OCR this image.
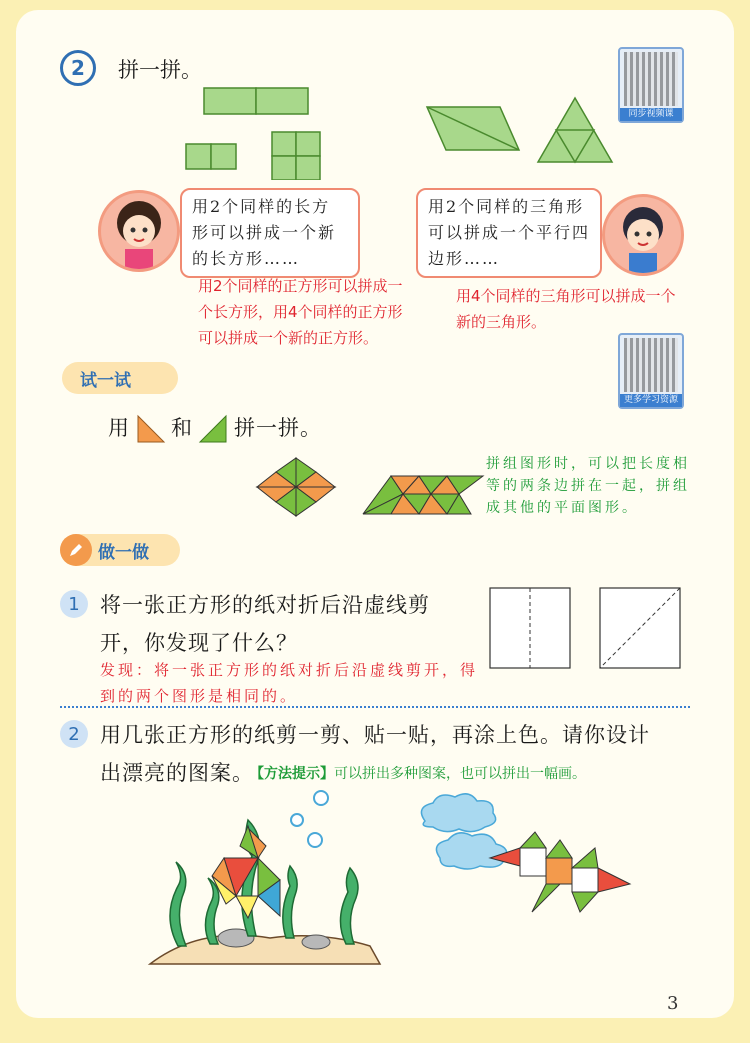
2	拼一拼。
同步视频课
用2个同样的长方形可以拼成一个新的长方形……
用2个同样的三角形可以拼成一个平行四边形……
用2个同样的正方形可以拼成一个长方形，用4个同样的正方形可以拼成一个新的正方形。
用4个同样的三角形可以拼成一个新的三角形。
试一试
更多学习资源
用 和 拼一拼。
拼组图形时，可以把长度相等的两条边拼在一起，拼组成其他的平面图形。
做一做
1 将一张正方形的纸对折后沿虚线剪
开，你发现了什么？
发现：将一张正方形的纸对折后沿虚线剪开，得到的两个图形是相同的。
2 用几张正方形的纸剪一剪、贴一贴，再涂上色。请你设计
出漂亮的图案。
【方法提示】可以拼出多种图案，也可以拼出一幅画。
3
